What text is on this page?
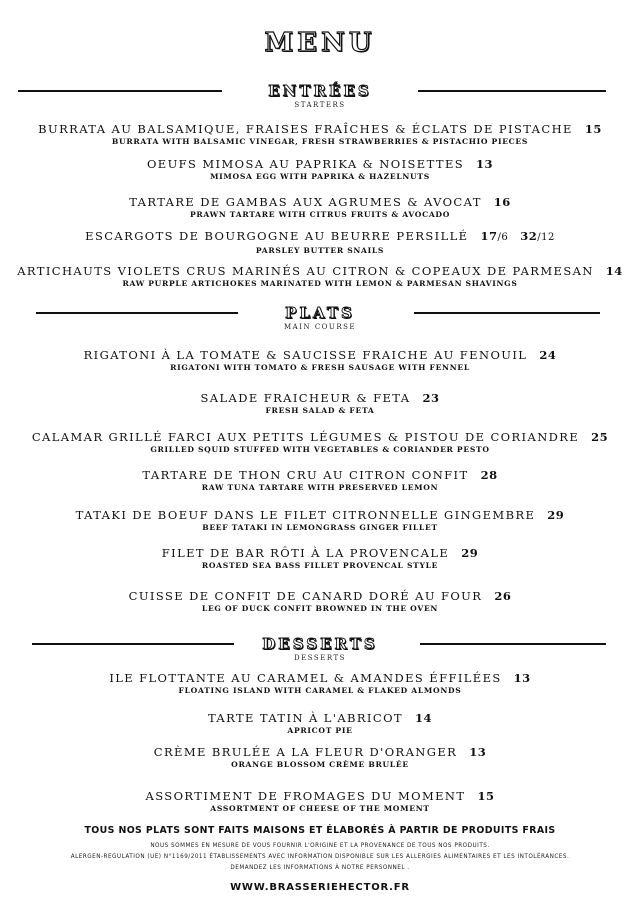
MENU
ENTRÉES
STARTERS
BURRATA AU BALSAMIQUE, FRAISES FRAÎCHES & ÉCLATS DE PISTACHE 15
BURRATA WITH BALSAMIC VINEGAR, FRESH STRAWBERRIES & PISTACHIO PIECES
OEUFS MIMOSA AU PAPRIKA & NOISETTES 13
MIMOSA EGG WITH PAPRIKA & HAZELNUTS
TARTARE DE GAMBAS AUX AGRUMES & AVOCAT 16
PRAWN TARTARE WITH CITRUS FRUITS & AVOCADO
ESCARGOTS DE BOURGOGNE AU BEURRE PERSILLÉ 17/6 32/12
PARSLEY BUTTER SNAILS
ARTICHAUTS VIOLETS CRUS MARINÉS AU CITRON & COPEAUX DE PARMESAN 14
RAW PURPLE ARTICHOKES MARINATED WITH LEMON & PARMESAN SHAVINGS
PLATS
MAIN COURSE
RIGATONI À LA TOMATE & SAUCISSE FRAICHE AU FENOUIL 24
RIGATONI WITH TOMATO & FRESH SAUSAGE WITH FENNEL
SALADE FRAICHEUR & FETA 23
FRESH SALAD & FETA
CALAMAR GRILLÉ FARCI AUX PETITS LÉGUMES & PISTOU DE CORIANDRE 25
GRILLED SQUID STUFFED WITH VEGETABLES & CORIANDER PESTO
TARTARE DE THON CRU AU CITRON CONFIT 28
RAW TUNA TARTARE WITH PRESERVED LEMON
TATAKI DE BOEUF DANS LE FILET CITRONNELLE GINGEMBRE 29
BEEF TATAKI IN LEMONGRASS GINGER FILLET
FILET DE BAR RÔTI À LA PROVENCALE 29
ROASTED SEA BASS FILLET PROVENCAL STYLE
CUISSE DE CONFIT DE CANARD DORÉ AU FOUR 26
LEG OF DUCK CONFIT BROWNED IN THE OVEN
DESSERTS
DESSERTS
ILE FLOTTANTE AU CARAMEL & AMANDES ÉFFILÉES 13
FLOATING ISLAND WITH CARAMEL & FLAKED ALMONDS
TARTE TATIN À L'ABRICOT 14
APRICOT PIE
CRÈME BRULÉE A LA FLEUR D'ORANGER 13
ORANGE BLOSSOM CRÈME BRULÉE
ASSORTIMENT DE FROMAGES DU MOMENT 15
ASSORTMENT OF CHEESE OF THE MOMENT
TOUS NOS PLATS SONT FAITS MAISONS ET ÉLABORÉS À PARTIR DE PRODUITS FRAIS
NOUS SOMMES EN MESURE DE VOUS FOURNIR L'ORIGINE ET LA PROVENANCE DE TOUS NOS PRODUITS.
ALERGEN-REGULATION (UE) N°1169/2011 ÉTABLISSEMENTS AVEC INFORMATION DISPONIBLE SUR LES ALLERGIES ALIMENTAIRES ET LES INTOLÉRANCES.
DEMANDEZ LES INFORMATIONS À NOTRE PERSONNEL .
WWW.BRASSERIEHECTOR.FR
